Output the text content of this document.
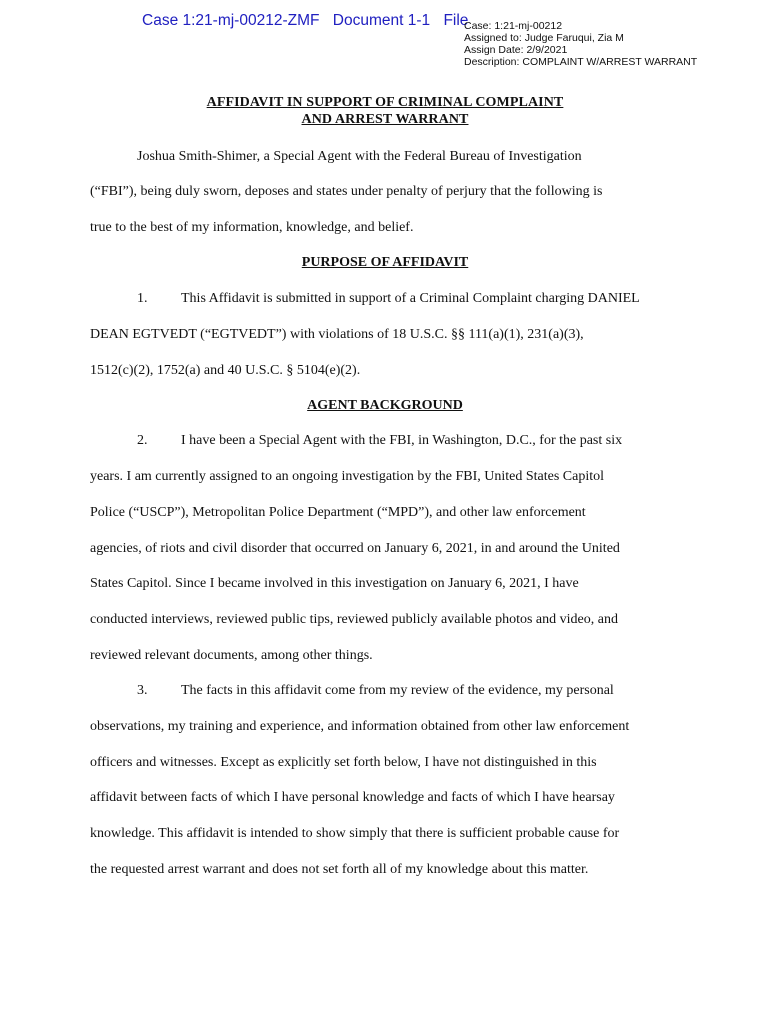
Case 1:21-mj-00212-ZMF Document 1-1 File
Case: 1:21-mj-00212
Assigned to: Judge Faruqui, Zia M
Assign Date: 2/9/2021
Description: COMPLAINT W/ARREST WARRANT
AFFIDAVIT IN SUPPORT OF CRIMINAL COMPLAINT
AND ARREST WARRANT
Joshua Smith-Shimer, a Special Agent with the Federal Bureau of Investigation
(“FBI”), being duly sworn, deposes and states under penalty of perjury that the following is
true to the best of my information, knowledge, and belief.
PURPOSE OF AFFIDAVIT
1. This Affidavit is submitted in support of a Criminal Complaint charging DANIEL
DEAN EGTVEDT (“EGTVEDT”) with violations of 18 U.S.C. §§ 111(a)(1), 231(a)(3),
1512(c)(2), 1752(a) and 40 U.S.C. § 5104(e)(2).
AGENT BACKGROUND
2. I have been a Special Agent with the FBI, in Washington, D.C., for the past six
years. I am currently assigned to an ongoing investigation by the FBI, United States Capitol
Police (“USCP”), Metropolitan Police Department (“MPD”), and other law enforcement
agencies, of riots and civil disorder that occurred on January 6, 2021, in and around the United
States Capitol. Since I became involved in this investigation on January 6, 2021, I have
conducted interviews, reviewed public tips, reviewed publicly available photos and video, and
reviewed relevant documents, among other things.
3. The facts in this affidavit come from my review of the evidence, my personal
observations, my training and experience, and information obtained from other law enforcement
officers and witnesses. Except as explicitly set forth below, I have not distinguished in this
affidavit between facts of which I have personal knowledge and facts of which I have hearsay
knowledge. This affidavit is intended to show simply that there is sufficient probable cause for
the requested arrest warrant and does not set forth all of my knowledge about this matter.
